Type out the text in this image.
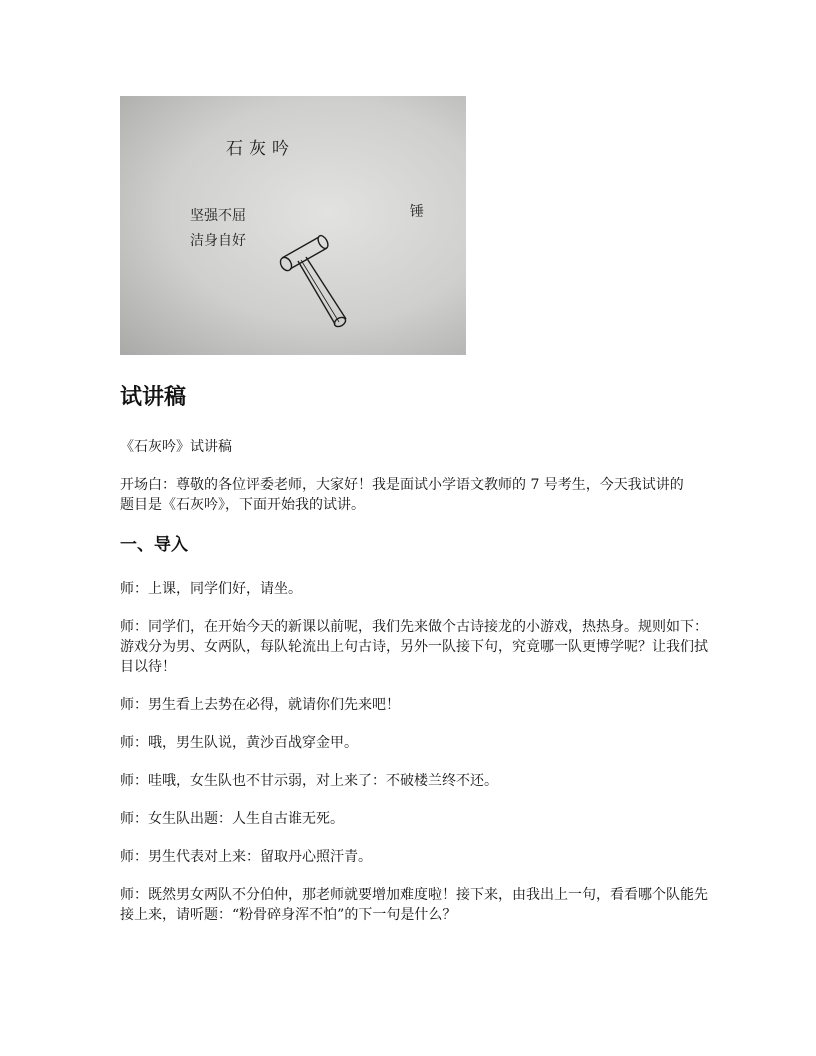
石灰吟
坚强不屈
洁身自好
锤
试讲稿

《石灰吟》试讲稿

开场白：尊敬的各位评委老师，大家好！我是面试小学语文教师的 7 号考生，今天我试讲的题目是《石灰吟》，下面开始我的试讲。

一、导入

师：上课，同学们好，请坐。

师：同学们，在开始今天的新课以前呢，我们先来做个古诗接龙的小游戏，热热身。规则如下：游戏分为男、女两队，每队轮流出上句古诗，另外一队接下句，究竟哪一队更博学呢？让我们拭目以待！

师：男生看上去势在必得，就请你们先来吧！

师：哦，男生队说，黄沙百战穿金甲。

师：哇哦，女生队也不甘示弱，对上来了：不破楼兰终不还。

师：女生队出题：人生自古谁无死。

师：男生代表对上来：留取丹心照汗青。

师：既然男女两队不分伯仲，那老师就要增加难度啦！接下来，由我出上一句，看看哪个队能先接上来，请听题：“粉骨碎身浑不怕”的下一句是什么？
